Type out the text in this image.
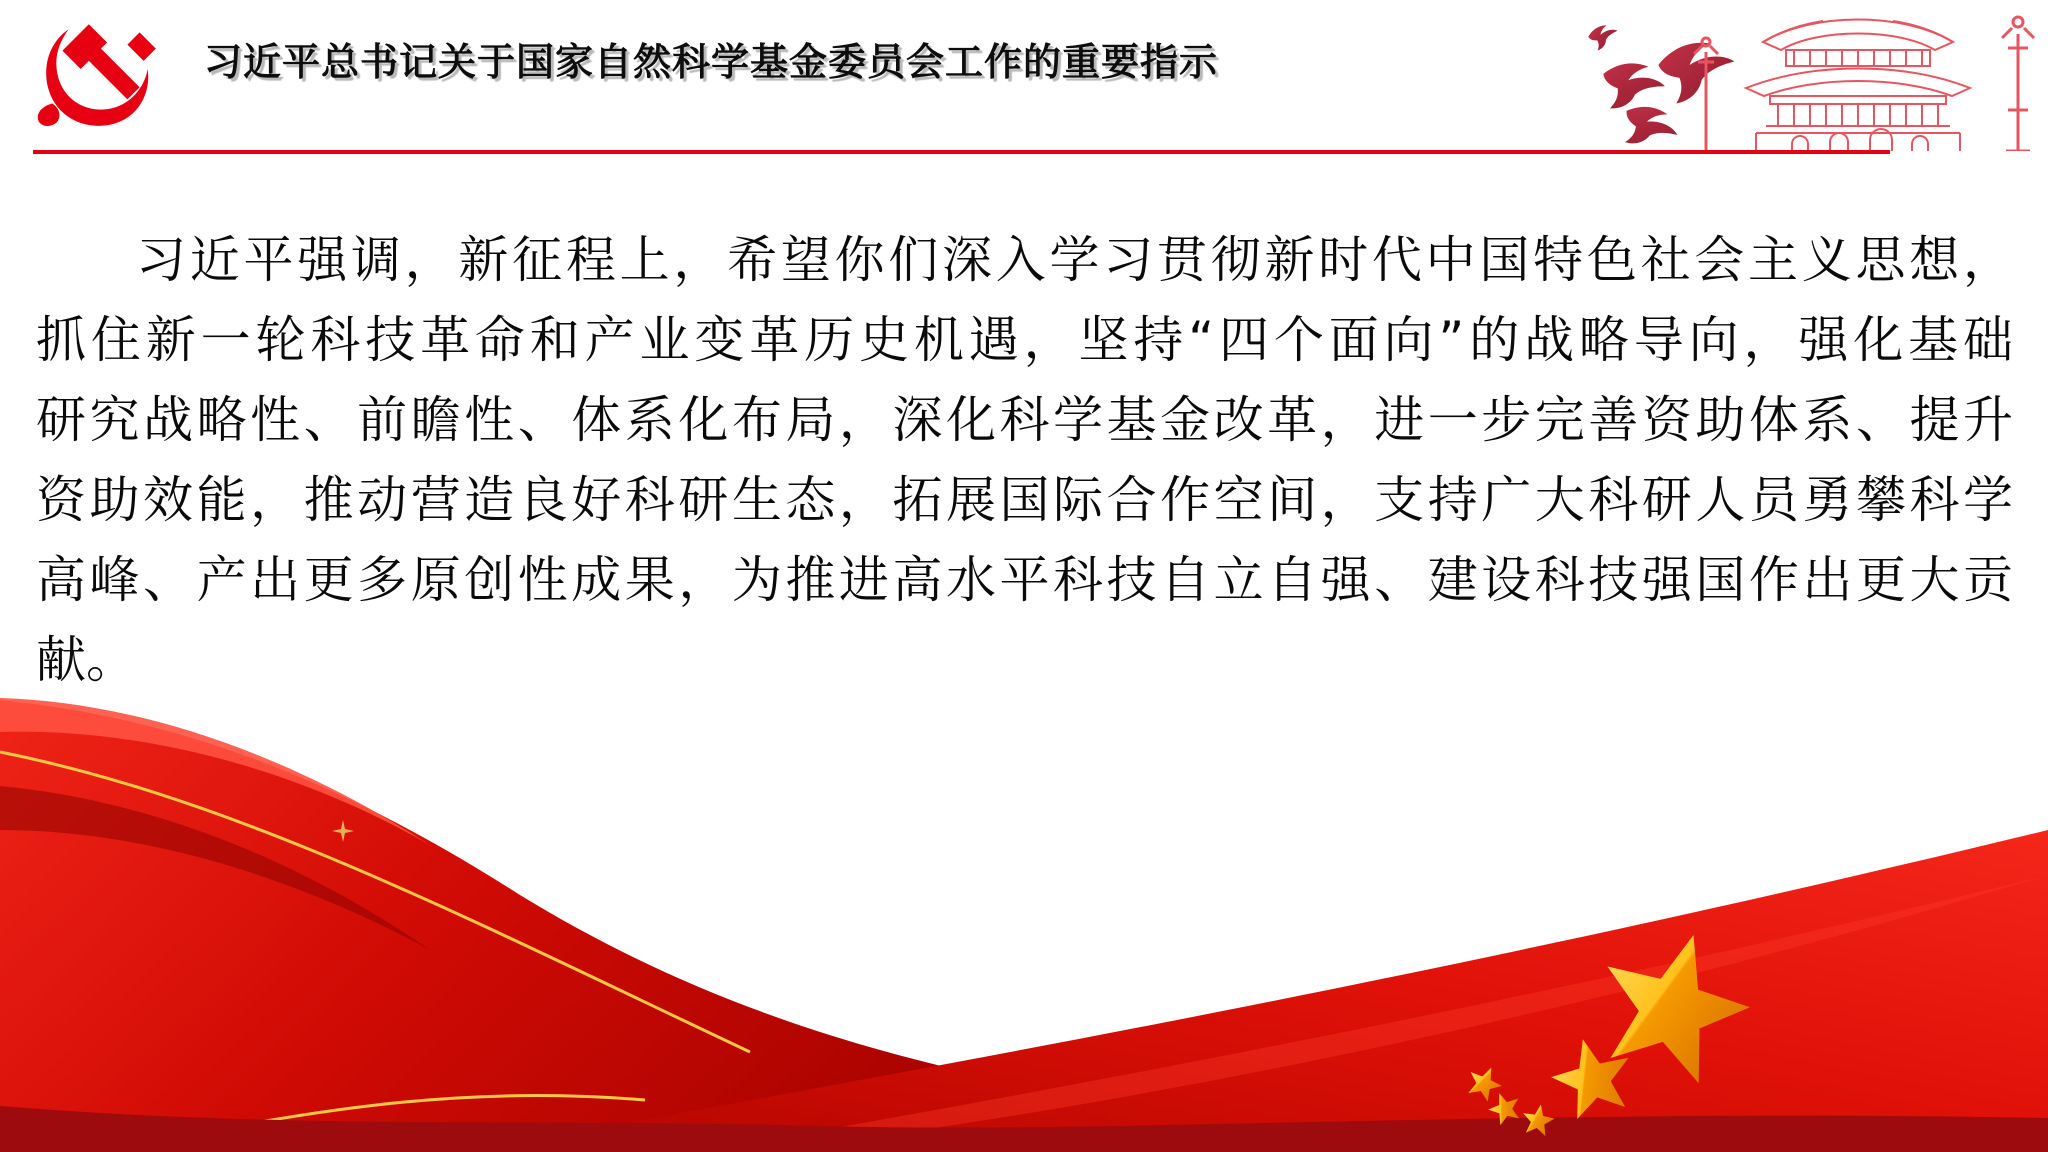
习近平总书记关于国家自然科学基金委员会工作的重要指示
习近平强调，新征程上，希望你们深入学习贯彻新时代中国特色社会主义思想，
抓住新一轮科技革命和产业变革历史机遇，坚持“四个面向”的战略导向，强化基础
研究战略性、前瞻性、体系化布局，深化科学基金改革，进一步完善资助体系、提升
资助效能，推动营造良好科研生态，拓展国际合作空间，支持广大科研人员勇攀科学
高峰、产出更多原创性成果，为推进高水平科技自立自强、建设科技强国作出更大贡
献。
